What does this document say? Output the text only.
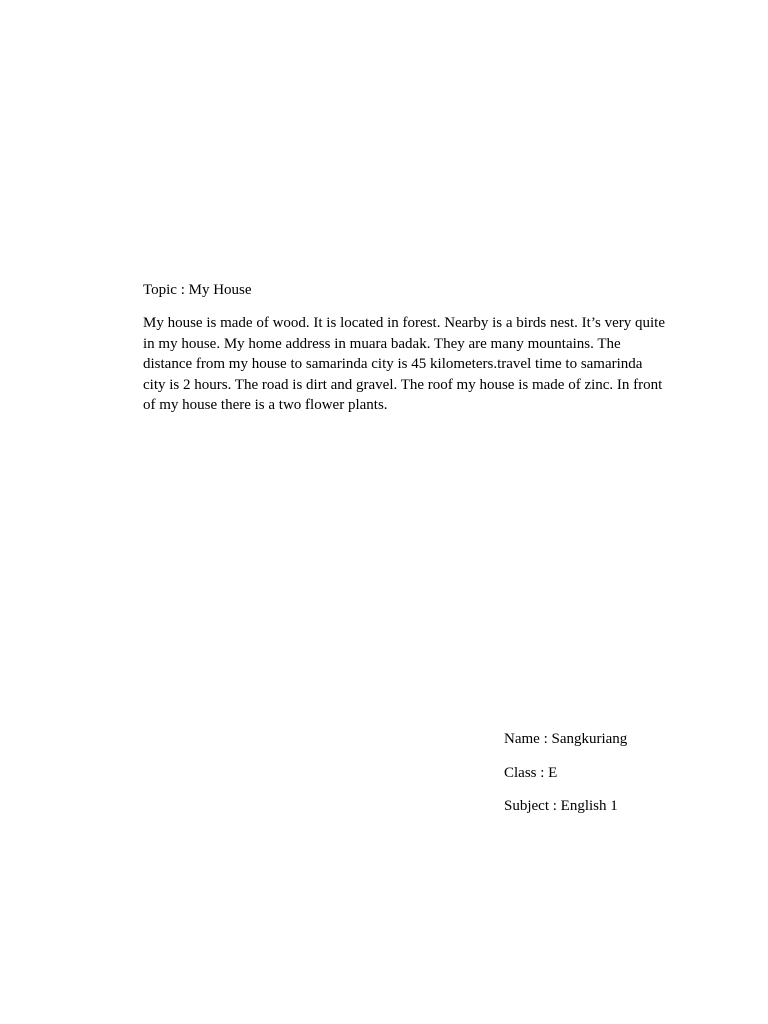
Topic : My House

My house is made of wood. It is located in forest. Nearby is a birds nest. It’s very quite in my house. My home address in muara badak. They are many mountains. The distance from my house to samarinda city is 45 kilometers.travel time to samarinda city is 2 hours. The road is dirt and gravel. The roof my house is made of zinc. In front of my house there is a two flower plants.

Name : Sangkuriang

Class : E

Subject : English 1
